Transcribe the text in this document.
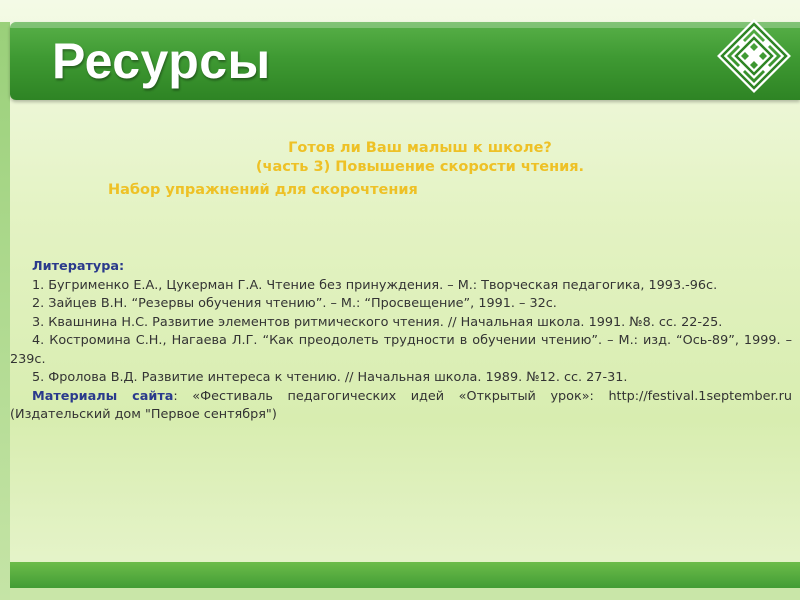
Ресурсы
Готов ли Ваш малыш к школе?
(часть 3) Повышение скорости чтения.
Набор упражнений для скорочтения

Литература:

1. Бугрименко Е.А., Цукерман Г.А. Чтение без принуждения. – М.: Творческая педагогика, 1993.-96с.

2. Зайцев В.Н. “Резервы обучения чтению”. – М.: “Просвещение”, 1991. – 32с.

3. Квашнина Н.С. Развитие элементов ритмического чтения. // Начальная школа. 1991. №8. сс. 22-25.

4. Костромина С.Н., Нагаева Л.Г. “Как преодолеть трудности в обучении чтению”. – М.: изд. “Ось-89”, 1999. – 239с.

5. Фролова В.Д. Развитие интереса к чтению. // Начальная школа. 1989. №12. сс. 27-31.

Материалы сайта: «Фестиваль педагогических идей «Открытый урок»: http://festival.1september.ru (Издательский дом "Первое сентября")
